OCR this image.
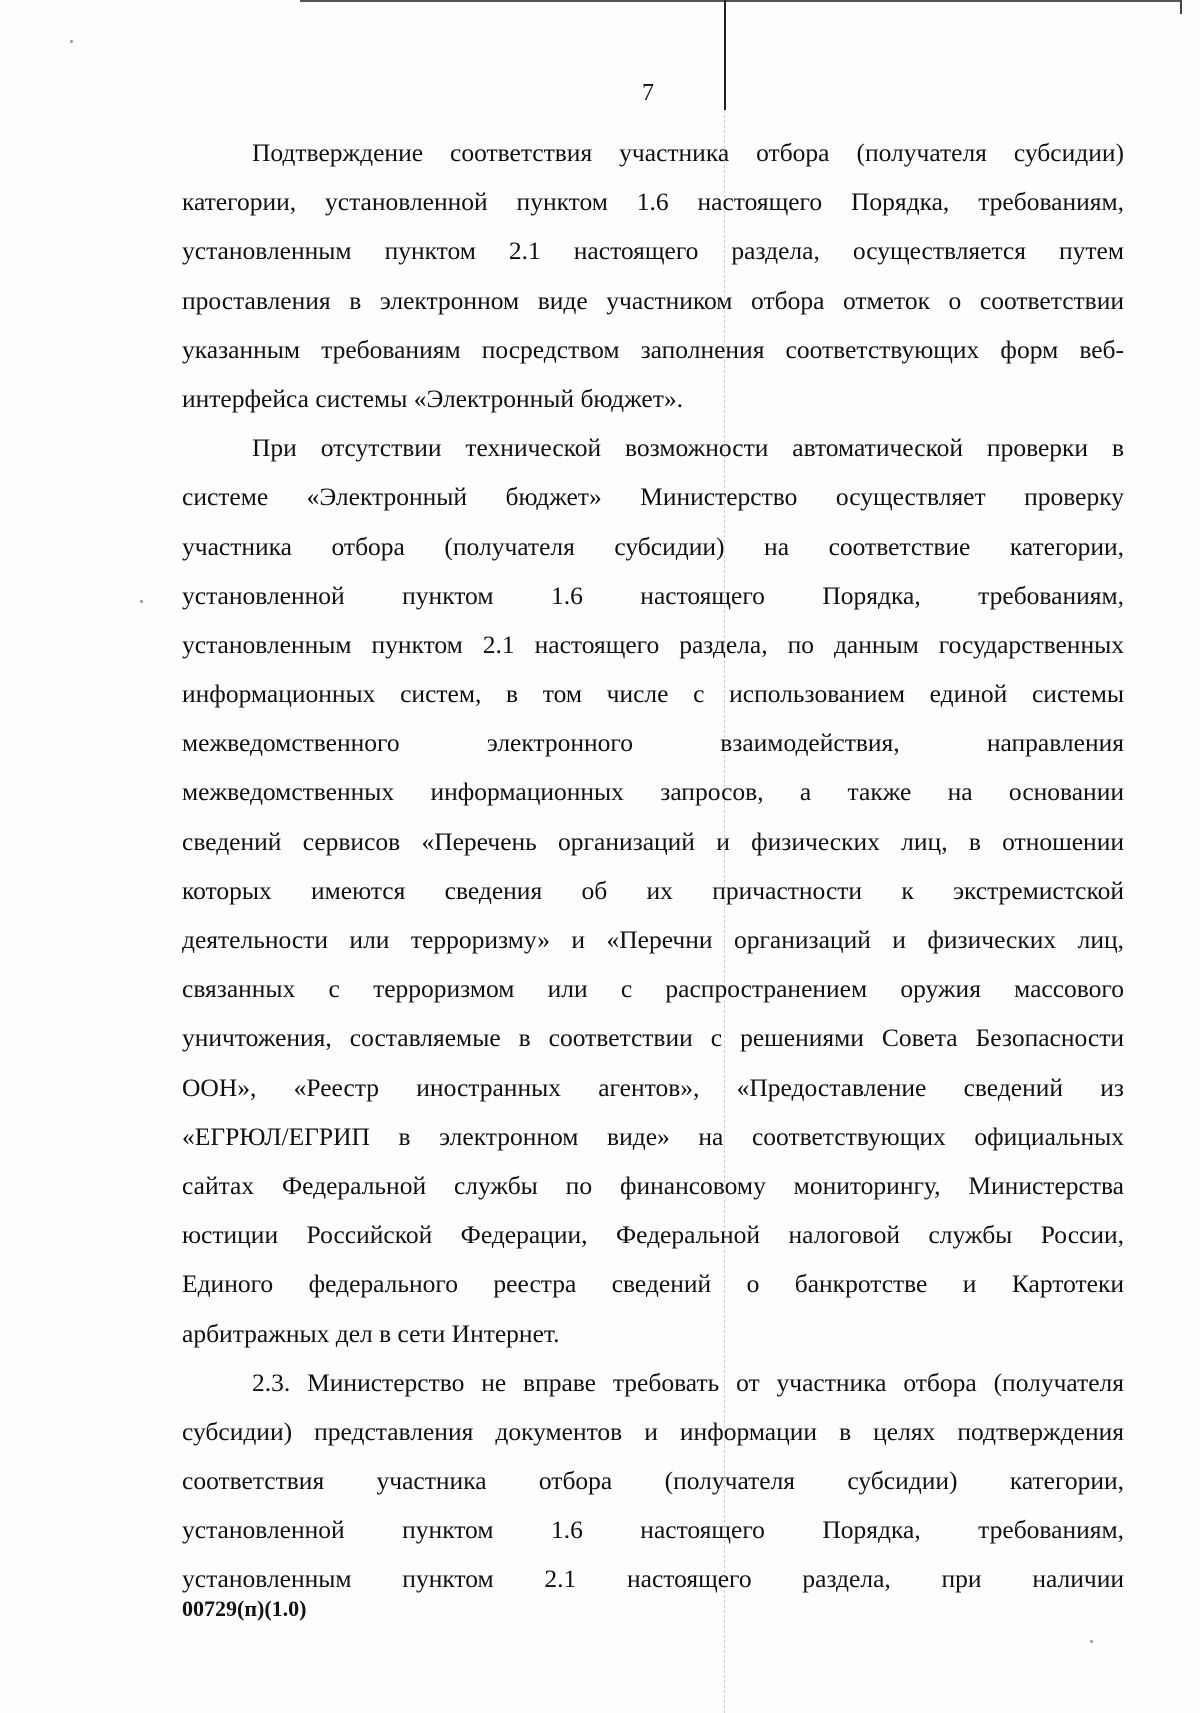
7
Подтверждение соответствия участника отбора (получателя субсидии)
категории, установленной пунктом 1.6 настоящего Порядка, требованиям,
установленным пунктом 2.1 настоящего раздела, осуществляется путем
проставления в электронном виде участником отбора отметок о соответствии
указанным требованиям посредством заполнения соответствующих форм веб-
интерфейса системы «Электронный бюджет».
При отсутствии технической возможности автоматической проверки в
системе «Электронный бюджет» Министерство осуществляет проверку
участника отбора (получателя субсидии) на соответствие категории,
установленной пунктом 1.6 настоящего Порядка, требованиям,
установленным пунктом 2.1 настоящего раздела, по данным государственных
информационных систем, в том числе с использованием единой системы
межведомственного электронного взаимодействия, направления
межведомственных информационных запросов, а также на основании
сведений сервисов «Перечень организаций и физических лиц, в отношении
которых имеются сведения об их причастности к экстремистской
деятельности или терроризму» и «Перечни организаций и физических лиц,
связанных с терроризмом или с распространением оружия массового
уничтожения, составляемые в соответствии с решениями Совета Безопасности
ООН», «Реестр иностранных агентов», «Предоставление сведений из
«ЕГРЮЛ/ЕГРИП в электронном виде» на соответствующих официальных
сайтах Федеральной службы по финансовому мониторингу, Министерства
юстиции Российской Федерации, Федеральной налоговой службы России,
Единого федерального реестра сведений о банкротстве и Картотеки
арбитражных дел в сети Интернет.
2.3. Министерство не вправе требовать от участника отбора (получателя
субсидии) представления документов и информации в целях подтверждения
соответствия участника отбора (получателя субсидии) категории,
установленной пунктом 1.6 настоящего Порядка, требованиям,
установленным пунктом 2.1 настоящего раздела, при наличии
00729(п)(1.0)
